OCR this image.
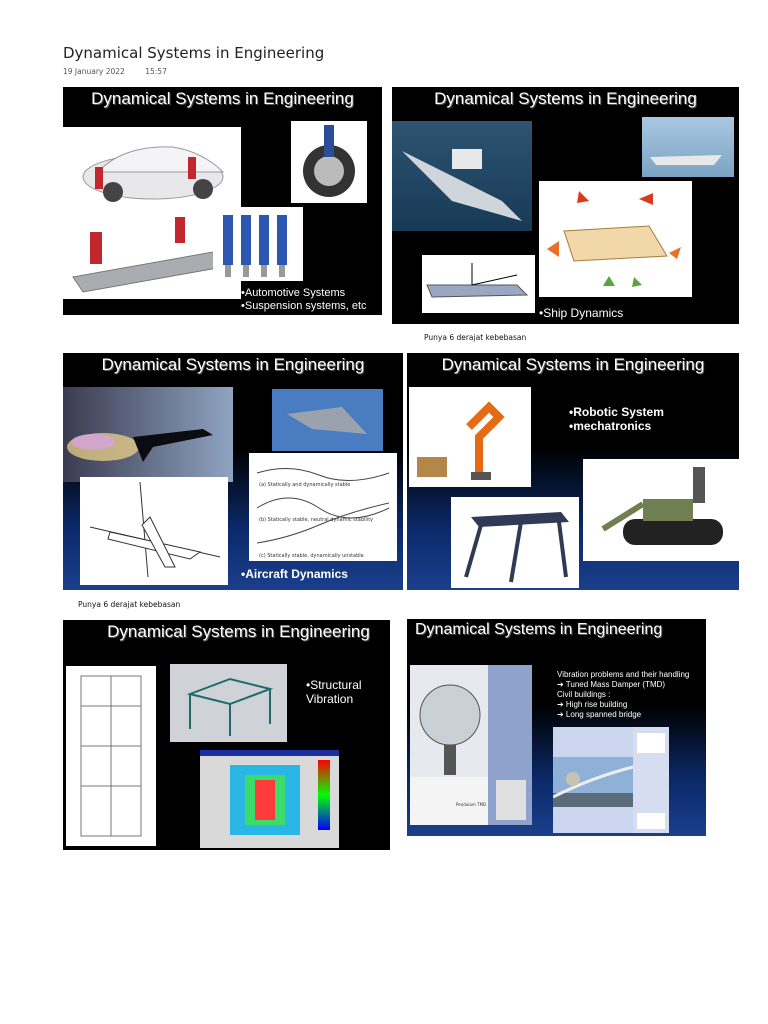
Dynamical Systems in Engineering
19 January 2022	15:57
Dynamical Systems in Engineering
•Automotive Systems
•Suspension systems, etc
Dynamical Systems in Engineering
•Ship Dynamics
Punya 6 derajat kebebasan
Dynamical Systems in Engineering
(a) Statically and dynamically stable
(b) Statically stable, neutral dynamic stability
(c) Statically stable, dynamically unstable
•Aircraft Dynamics
Punya 6 derajat kebebasan
Dynamical Systems in Engineering
•Robotic System
•mechatronics
Dynamical Systems in Engineering
•Structural
Vibration
Dynamical Systems in Engineering
Pendulum TMD
Vibration problems and their handling
➔ Tuned Mass Damper (TMD)
Civil buildings :
➔ High rise building
➔ Long spanned bridge
